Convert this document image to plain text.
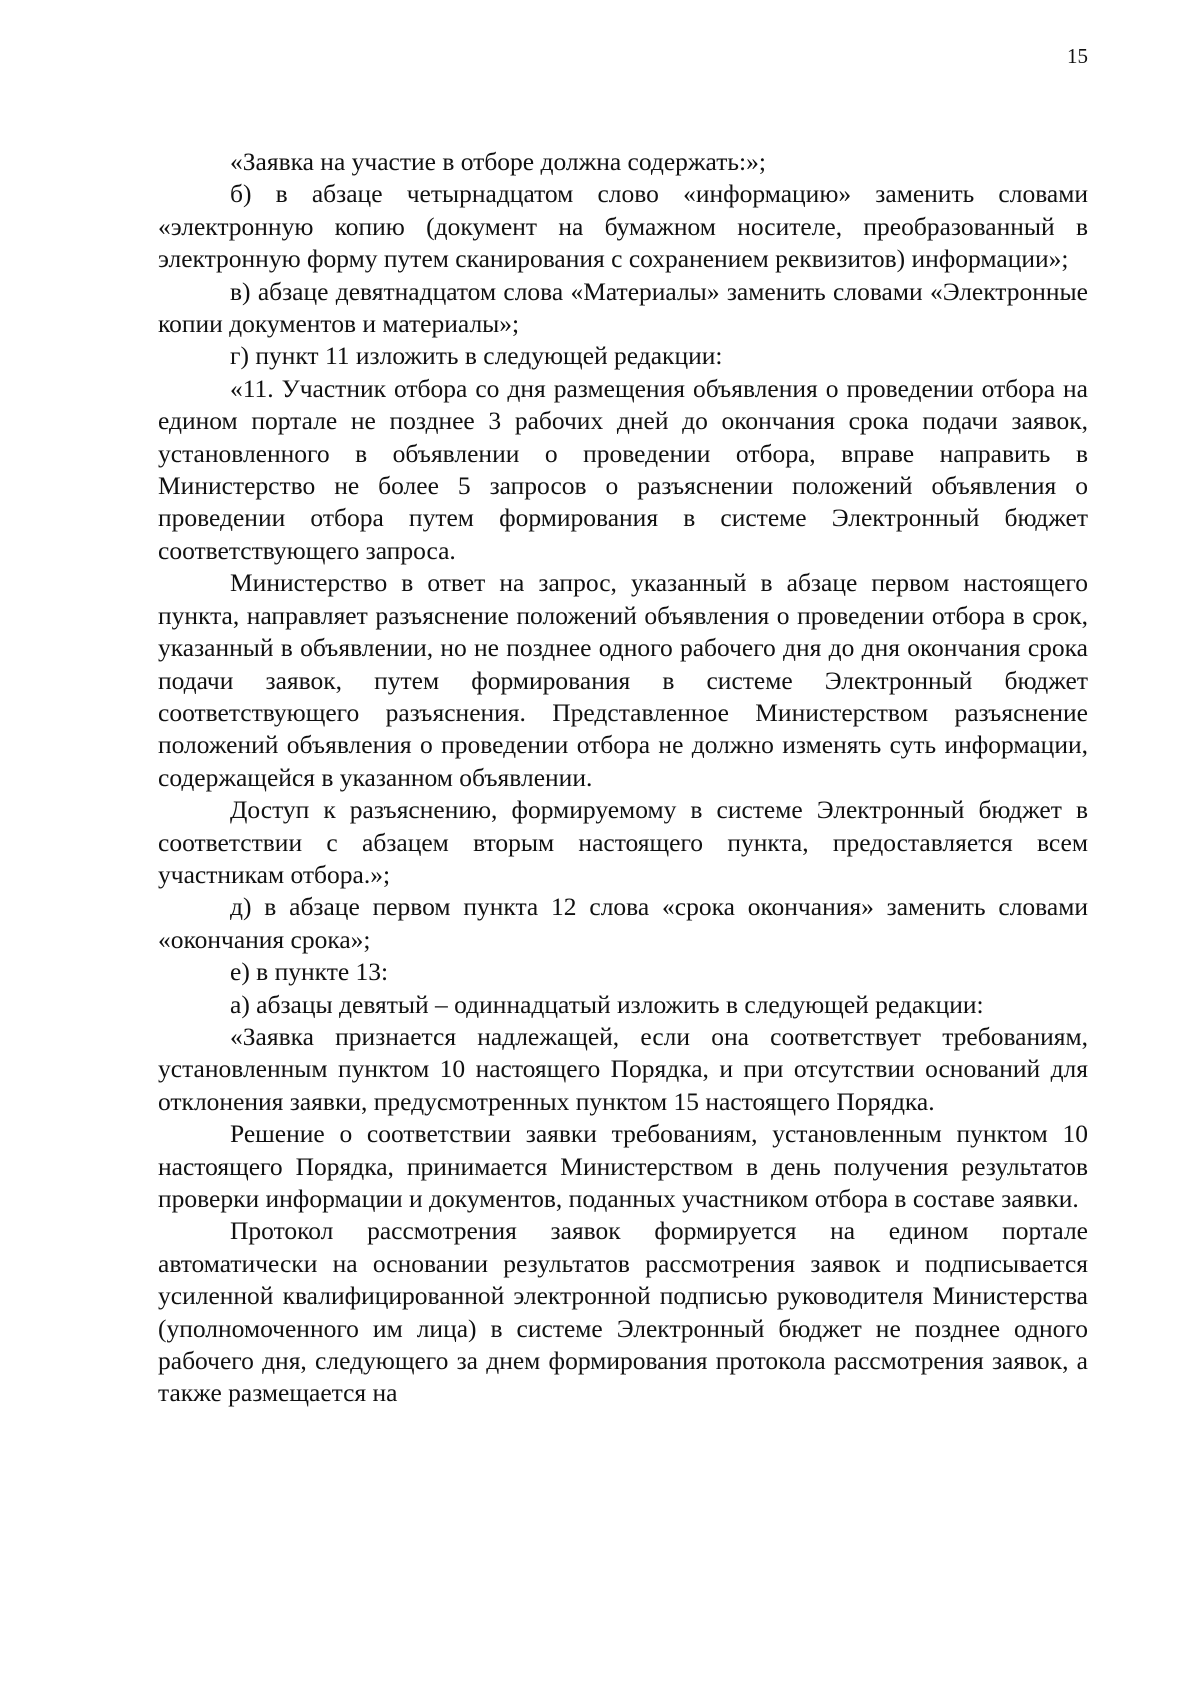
15

«Заявка на участие в отборе должна содержать:»;

б) в абзаце четырнадцатом слово «информацию» заменить словами «электронную копию (документ на бумажном носителе, преобразованный в электронную форму путем сканирования с сохранением реквизитов) информации»;

в) абзаце девятнадцатом слова «Материалы» заменить словами «Электронные копии документов и материалы»;

г) пункт 11 изложить в следующей редакции:

«11. Участник отбора со дня размещения объявления о проведении отбора на едином портале не позднее 3 рабочих дней до окончания срока подачи заявок, установленного в объявлении о проведении отбора, вправе направить в Министерство не более 5 запросов о разъяснении положений объявления о проведении отбора путем формирования в системе Электронный бюджет соответствующего запроса.

Министерство в ответ на запрос, указанный в абзаце первом настоящего пункта, направляет разъяснение положений объявления о проведении отбора в срок, указанный в объявлении, но не позднее одного рабочего дня до дня окончания срока подачи заявок, путем формирования в системе Электронный бюджет соответствующего разъяснения. Представленное Министерством разъяснение положений объявления о проведении отбора не должно изменять суть информации, содержащейся в указанном объявлении.

Доступ к разъяснению, формируемому в системе Электронный бюджет в соответствии с абзацем вторым настоящего пункта, предоставляется всем участникам отбора.»;

д) в абзаце первом пункта 12 слова «срока окончания» заменить словами «окончания срока»;

е) в пункте 13:

а) абзацы девятый – одиннадцатый изложить в следующей редакции:

«Заявка признается надлежащей, если она соответствует требованиям, установленным пунктом 10 настоящего Порядка, и при отсутствии оснований для отклонения заявки, предусмотренных пунктом 15 настоящего Порядка.

Решение о соответствии заявки требованиям, установленным пунктом 10 настоящего Порядка, принимается Министерством в день получения результатов проверки информации и документов, поданных участником отбора в составе заявки.

Протокол рассмотрения заявок формируется на едином портале автоматически на основании результатов рассмотрения заявок и подписывается усиленной квалифицированной электронной подписью руководителя Министерства (уполномоченного им лица) в системе Электронный бюджет не позднее одного рабочего дня, следующего за днем формирования протокола рассмотрения заявок, а также размещается на
